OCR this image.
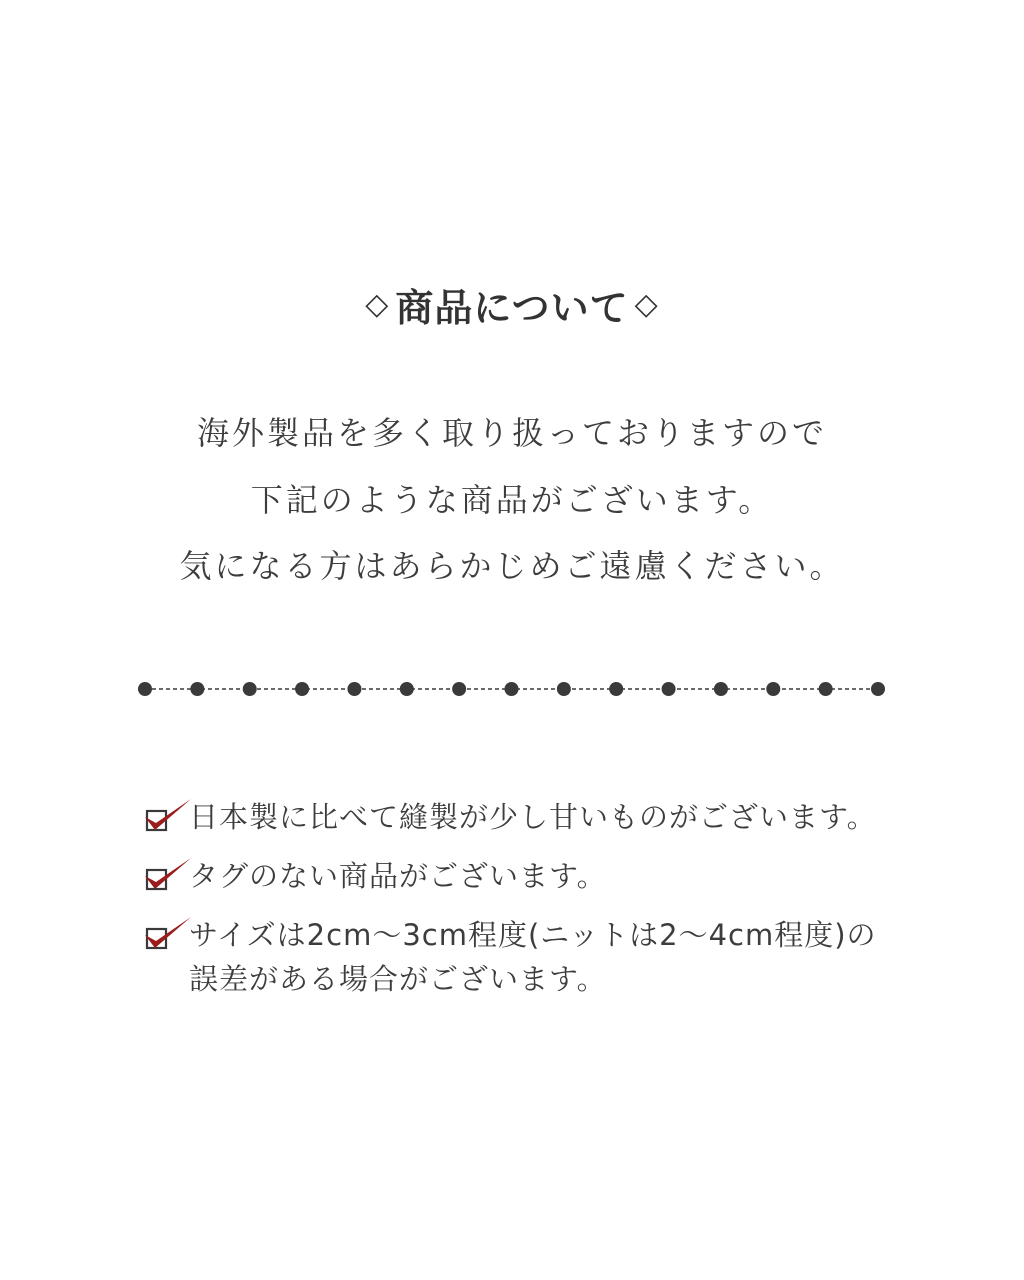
◇ 商品について ◇
海外製品を多く取り扱っておりますので
下記のような商品がございます。
気になる方はあらかじめご遠慮ください。
日本製に比べて縫製が少し甘いものがございます。
タグのない商品がございます。
サイズは2cm〜3cm程度(ニットは2〜4cm程度)の
誤差がある場合がございます。
